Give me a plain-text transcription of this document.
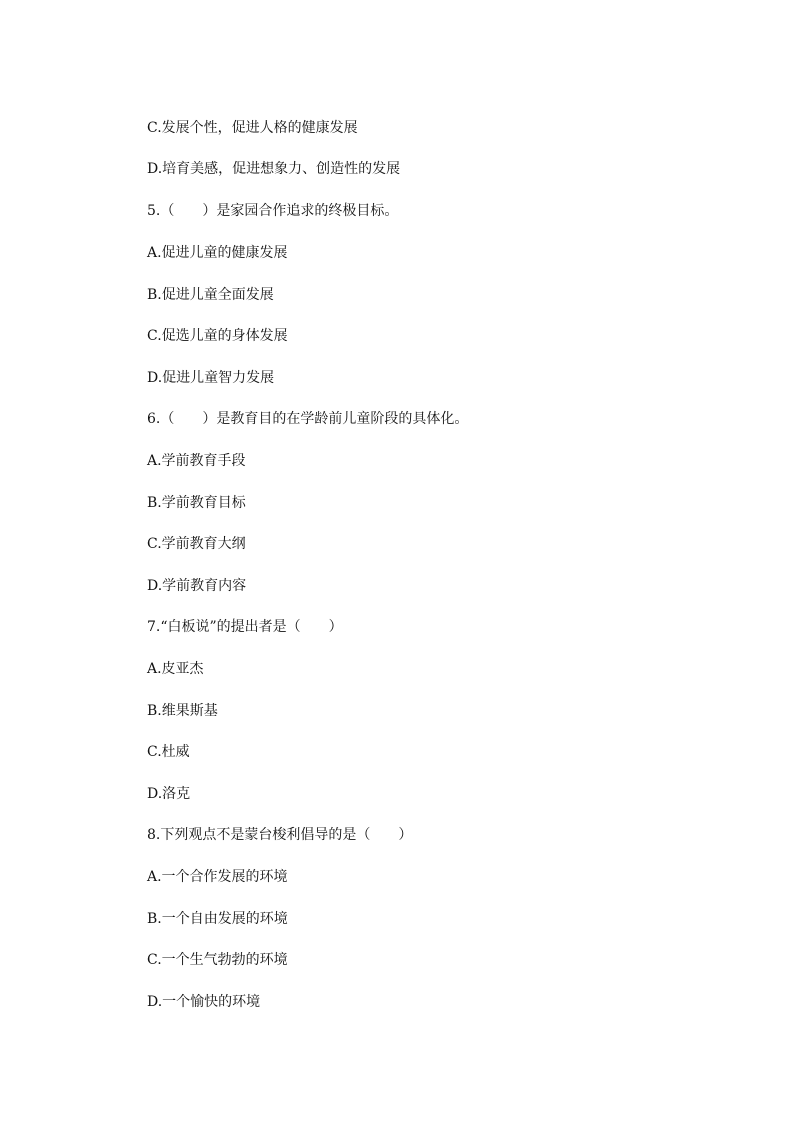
C.发展个性，促进人格的健康发展
D.培育美感，促进想象力、创造性的发展
5.（　　）是家园合作追求的终极目标。
A.促进儿童的健康发展
B.促进儿童全面发展
C.促选儿童的身体发展
D.促进儿童智力发展
6.（　　）是教育目的在学龄前儿童阶段的具体化。
A.学前教育手段
B.学前教育目标
C.学前教育大纲
D.学前教育内容
7.“白板说”的提出者是（　　）
A.皮亚杰
B.维果斯基
C.杜威
D.洛克
8.下列观点不是蒙台梭利倡导的是（　　）
A.一个合作发展的环境
B.一个自由发展的环境
C.一个生气勃勃的环境
D.一个愉快的环境
